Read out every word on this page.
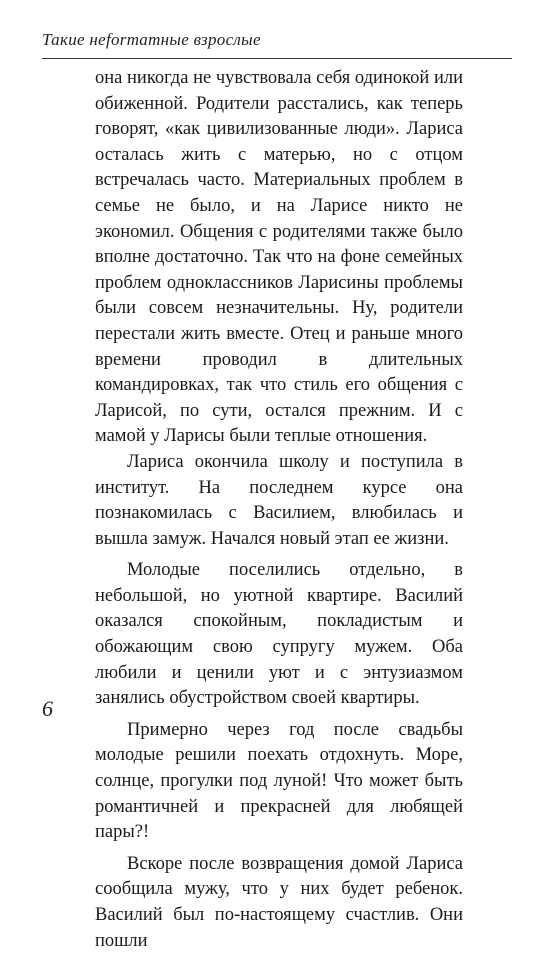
Такие неformатные взрослые

она никогда не чувствовала себя одинокой или обиженной. Родители расстались, как теперь говорят, «как цивилизованные люди». Лариса осталась жить с матерью, но с отцом встречалась часто. Материальных проблем в семье не было, и на Ларисе никто не экономил. Общения с родителями также было вполне достаточно. Так что на фоне семейных проблем одноклассников Ларисины проблемы были совсем незначительны. Ну, родители перестали жить вместе. Отец и раньше много времени проводил в длительных командировках, так что стиль его общения с Ларисой, по сути, остался прежним. И с мамой у Ларисы были теплые отношения.

Лариса окончила школу и поступила в институт. На последнем курсе она познакомилась с Василием, влюбилась и вышла замуж. Начался новый этап ее жизни.

Молодые поселились отдельно, в небольшой, но уютной квартире. Василий оказался спокойным, покладистым и обожающим свою супругу мужем. Оба любили и ценили уют и с энтузиазмом занялись обустройством своей квартиры.

Примерно через год после свадьбы молодые решили поехать отдохнуть. Море, солнце, прогулки под луной! Что может быть романтичней и прекрасней для любящей пары?!

Вскоре после возвращения домой Лариса сообщила мужу, что у них будет ребенок. Василий был по-настоящему счастлив. Они пошли

6
